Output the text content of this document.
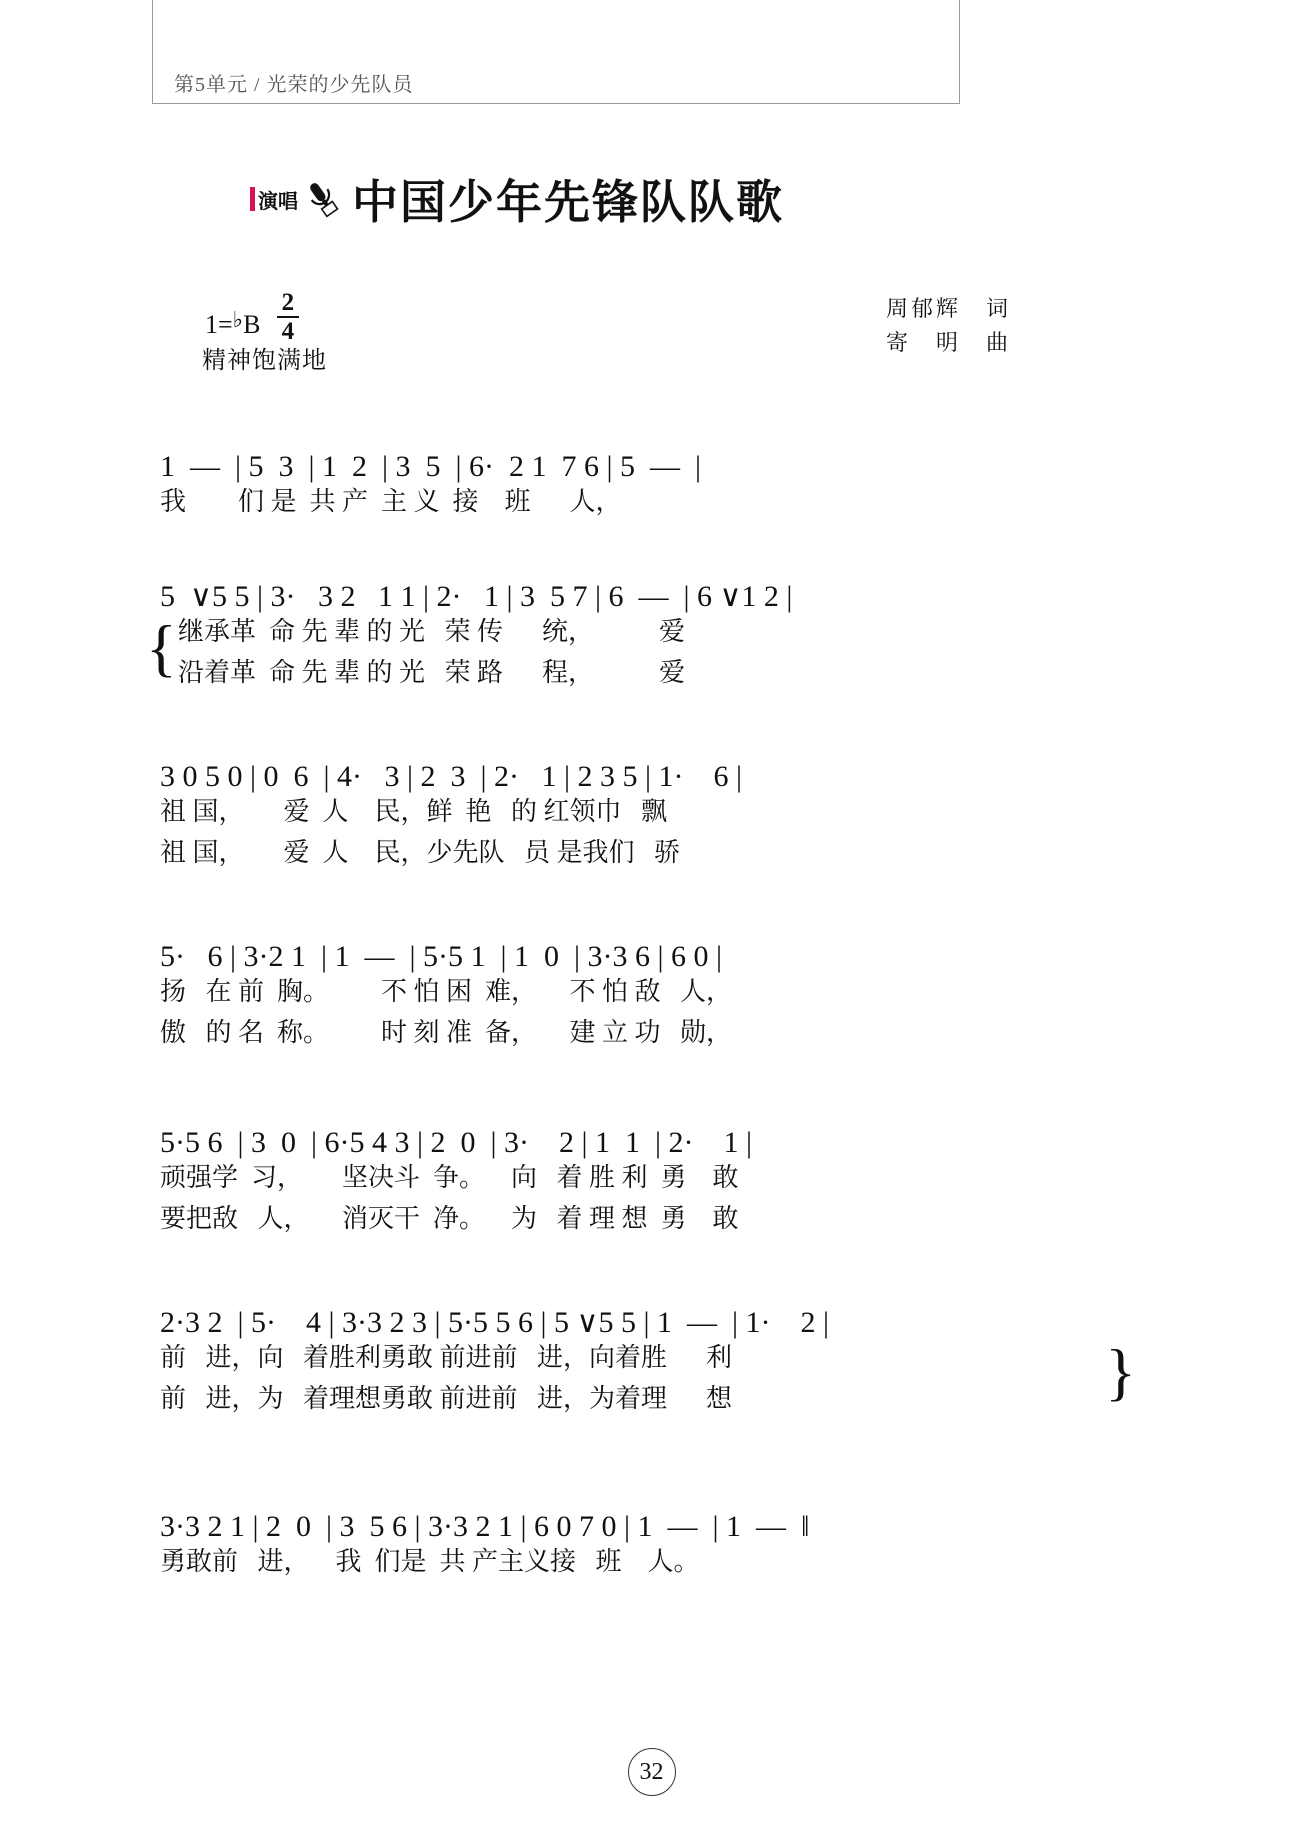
第5单元 / 光荣的少先队员
演唱 中国少年先锋队队歌
$1=^♭B \frac{2}{4}$
精神饱满地
周郁辉　词
寄　明　曲
1  —  | 5  3  | 1  2  | 3  5  | 6·  2 1  7 6 | 5  —  |
我        们 是  共 产  主 义  接    班      人，
5  ∨5 5 | 3·   3 2   1 1 | 2·   1 | 3  5 7 | 6  —  | 6 ∨1 2 |
{ 继承革  命 先 辈 的 光   荣 传      统，          爱
沿着革  命 先 辈 的 光   荣 路      程，          爱
3 0 5 0 | 0  6  | 4·   3 | 2  3  | 2·   1 | 2 3 5 | 1·    6 |
祖 国，      爱  人    民，鲜  艳   的 红领巾   飘
祖 国，      爱  人    民，少先队   员 是我们   骄
5·   6 | 3·2 1  | 1  —  | 5·5 1  | 1  0  | 3·3 6 | 6 0 |
扬   在 前  胸。        不 怕 困  难，     不 怕 敌   人，
傲   的 名  称。        时 刻 准  备，     建 立 功   勋，
5·5 6  | 3  0  | 6·5 4 3 | 2  0  | 3·    2 | 1  1  | 2·    1 |
顽强学  习，      坚决斗  争。    向   着 胜 利  勇    敢
要把敌   人，     消灭干  净。    为   着 理 想  勇    敢
2·3 2  | 5·    4 | 3·3 2 3 | 5·5 5 6 | 5 ∨5 5 | 1  —  | 1·    2 |
前   进，向   着胜利勇敢 前进前   进，向着胜      利
前   进，为   着理想勇敢 前进前   进，为着理      想	}
3·3 2 1 | 2  0  | 3  5 6 | 3·3 2 1 | 6 0 7 0 | 1  —  | 1  —  ‖
勇敢前   进，    我  们是  共 产主义接   班    人。
32
